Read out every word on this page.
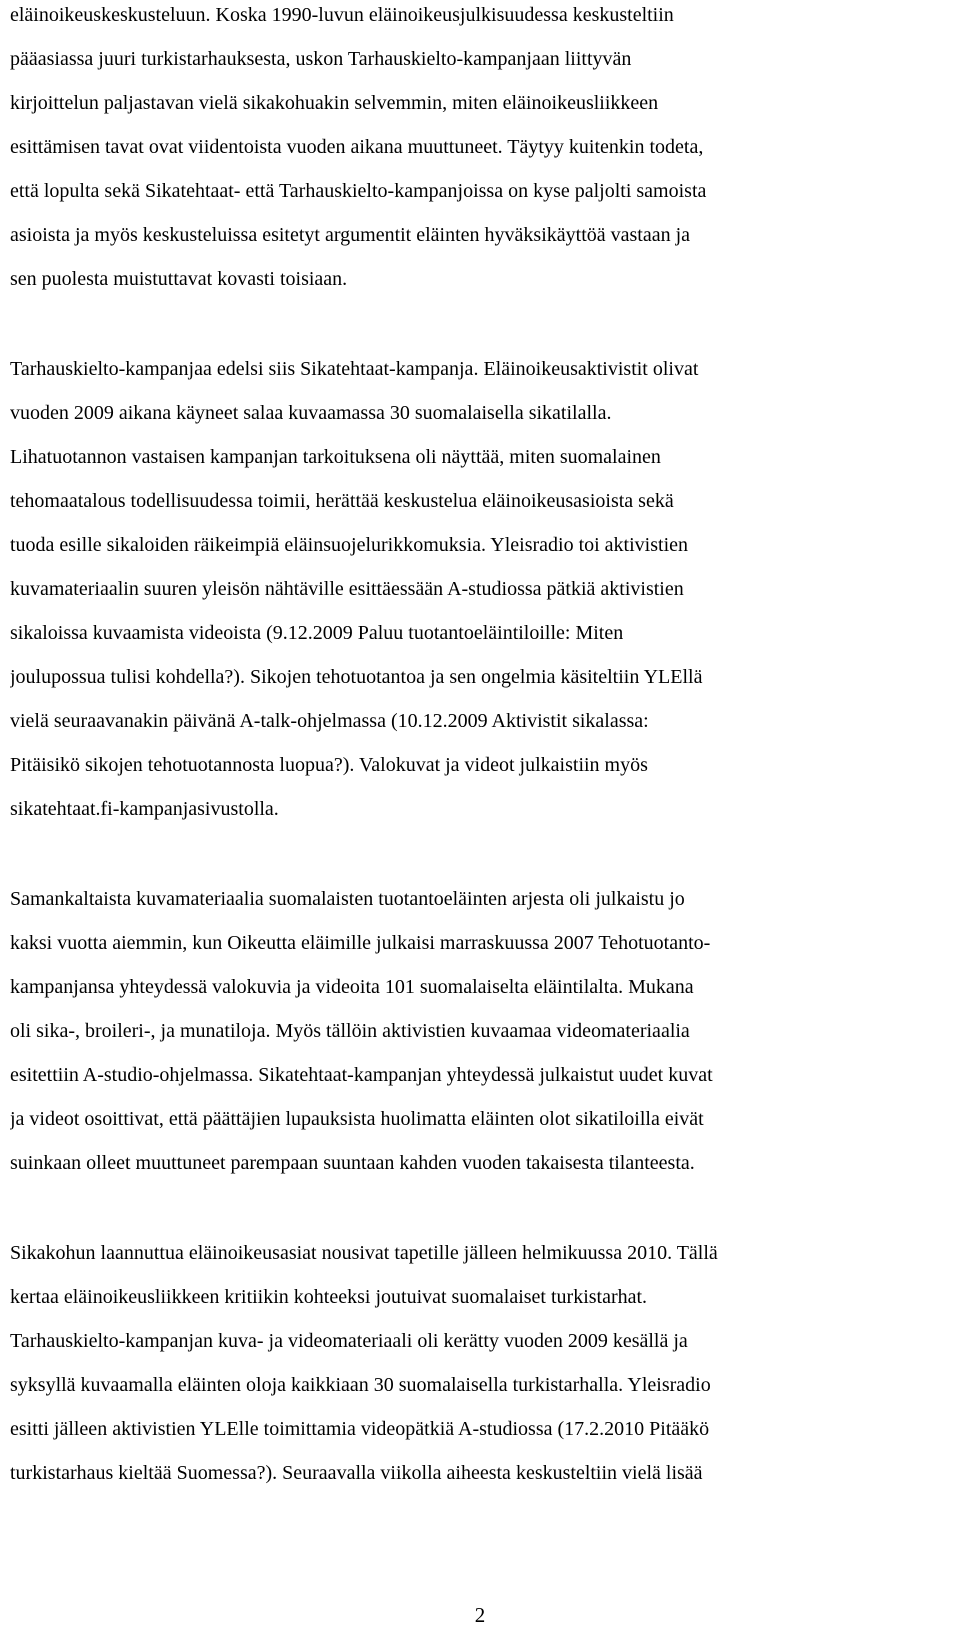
eläinoikeuskeskusteluun. Koska 1990-luvun eläinoikeusjulkisuudessa keskusteltiin
pääasiassa juuri turkistarhauksesta, uskon Tarhauskielto-kampanjaan liittyvän
kirjoittelun paljastavan vielä sikakohuakin selvemmin, miten eläinoikeusliikkeen
esittämisen tavat ovat viidentoista vuoden aikana muuttuneet. Täytyy kuitenkin todeta,
että lopulta sekä Sikatehtaat- että Tarhauskielto-kampanjoissa on kyse paljolti samoista
asioista ja myös keskusteluissa esitetyt argumentit eläinten hyväksikäyttöä vastaan ja
sen puolesta muistuttavat kovasti toisiaan.
Tarhauskielto-kampanjaa edelsi siis Sikatehtaat-kampanja. Eläinoikeusaktivistit olivat
vuoden 2009 aikana käyneet salaa kuvaamassa 30 suomalaisella sikatilalla.
Lihatuotannon vastaisen kampanjan tarkoituksena oli näyttää, miten suomalainen
tehomaatalous todellisuudessa toimii, herättää keskustelua eläinoikeusasioista sekä
tuoda esille sikaloiden räikeimpiä eläinsuojelurikkomuksia. Yleisradio toi aktivistien
kuvamateriaalin suuren yleisön nähtäville esittäessään A-studiossa pätkiä aktivistien
sikaloissa kuvaamista videoista (9.12.2009 Paluu tuotantoeläintiloille: Miten
joulupossua tulisi kohdella?). Sikojen tehotuotantoa ja sen ongelmia käsiteltiin YLEllä
vielä seuraavanakin päivänä A-talk-ohjelmassa (10.12.2009 Aktivistit sikalassa:
Pitäisikö sikojen tehotuotannosta luopua?). Valokuvat ja videot julkaistiin myös
sikatehtaat.fi-kampanjasivustolla.
Samankaltaista kuvamateriaalia suomalaisten tuotantoeläinten arjesta oli julkaistu jo
kaksi vuotta aiemmin, kun Oikeutta eläimille julkaisi marraskuussa 2007 Tehotuotanto-
kampanjansa yhteydessä valokuvia ja videoita 101 suomalaiselta eläintilalta. Mukana
oli sika-, broileri-, ja munatiloja. Myös tällöin aktivistien kuvaamaa videomateriaalia
esitettiin A-studio-ohjelmassa. Sikatehtaat-kampanjan yhteydessä julkaistut uudet kuvat
ja videot osoittivat, että päättäjien lupauksista huolimatta eläinten olot sikatiloilla eivät
suinkaan olleet muuttuneet parempaan suuntaan kahden vuoden takaisesta tilanteesta.
Sikakohun laannuttua eläinoikeusasiat nousivat tapetille jälleen helmikuussa 2010. Tällä
kertaa eläinoikeusliikkeen kritiikin kohteeksi joutuivat suomalaiset turkistarhat.
Tarhauskielto-kampanjan kuva- ja videomateriaali oli kerätty vuoden 2009 kesällä ja
syksyllä kuvaamalla eläinten oloja kaikkiaan 30 suomalaisella turkistarhalla. Yleisradio
esitti jälleen aktivistien YLElle toimittamia videopätkiä A-studiossa (17.2.2010 Pitääkö
turkistarhaus kieltää Suomessa?). Seuraavalla viikolla aiheesta keskusteltiin vielä lisää
2
